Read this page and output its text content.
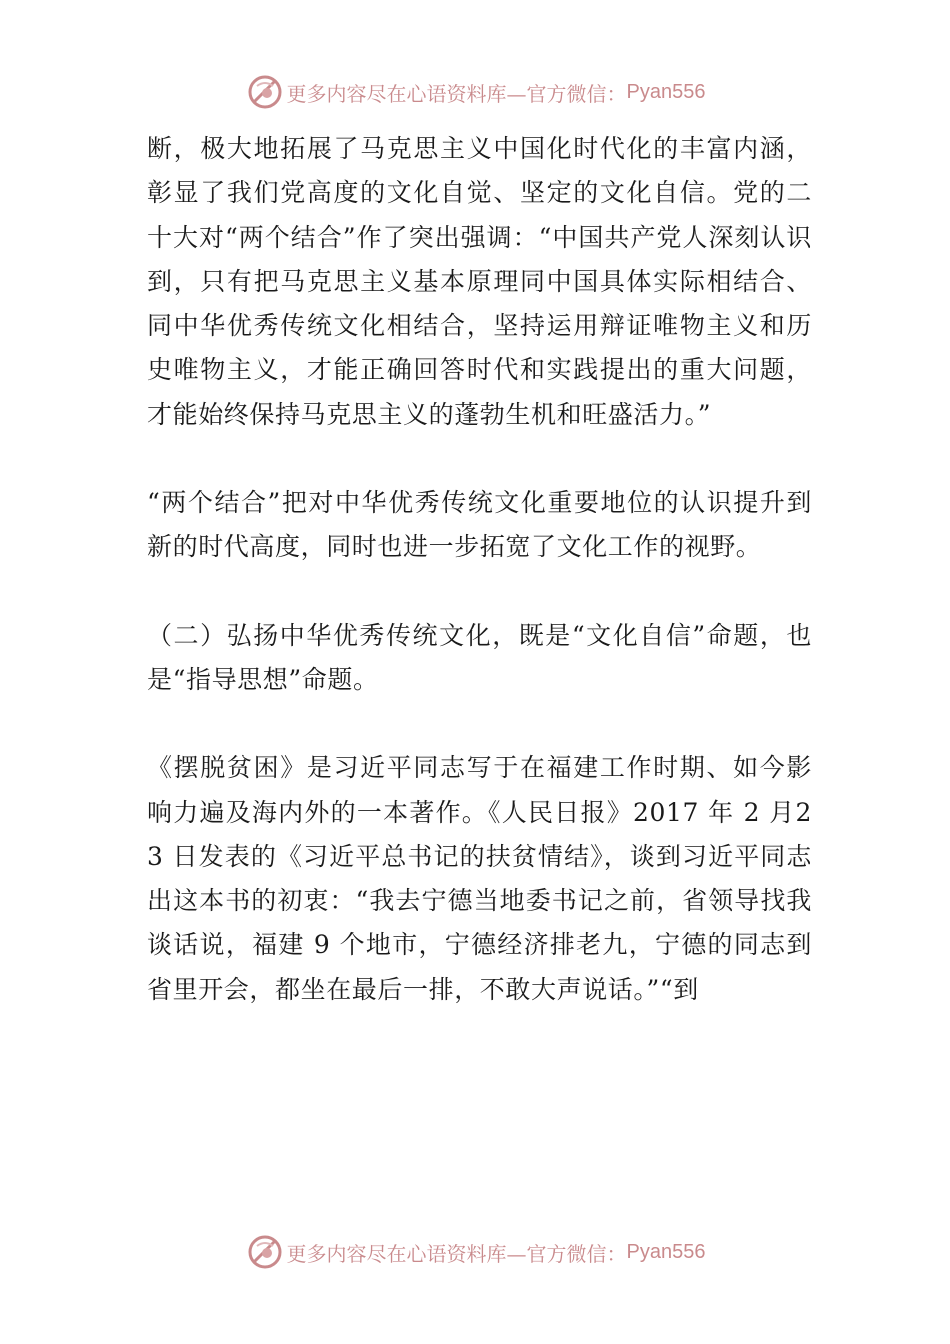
更多内容尽在心语资料库—官方微信： Pyan556

断，极大地拓展了马克思主义中国化时代化的丰富内涵，彰显了我们党高度的文化自觉、坚定的文化自信。党的二十大对“两个结合”作了突出强调：“中国共产党人深刻认识到，只有把马克思主义基本原理同中国具体实际相结合、同中华优秀传统文化相结合，坚持运用辩证唯物主义和历史唯物主义，才能正确回答时代和实践提出的重大问题，才能始终保持马克思主义的蓬勃生机和旺盛活力。”

“两个结合”把对中华优秀传统文化重要地位的认识提升到新的时代高度，同时也进一步拓宽了文化工作的视野。

（二）弘扬中华优秀传统文化，既是“文化自信”命题，也是“指导思想”命题。

《摆脱贫困》是习近平同志写于在福建工作时期、如今影响力遍及海内外的一本著作。《人民日报》2017 年 2 月23 日发表的《习近平总书记的扶贫情结》，谈到习近平同志出这本书的初衷：“我去宁德当地委书记之前，省领导找我谈话说，福建 9 个地市，宁德经济排老九，宁德的同志到省里开会，都坐在最后一排，不敢大声说话。”“到

更多内容尽在心语资料库—官方微信： Pyan556
